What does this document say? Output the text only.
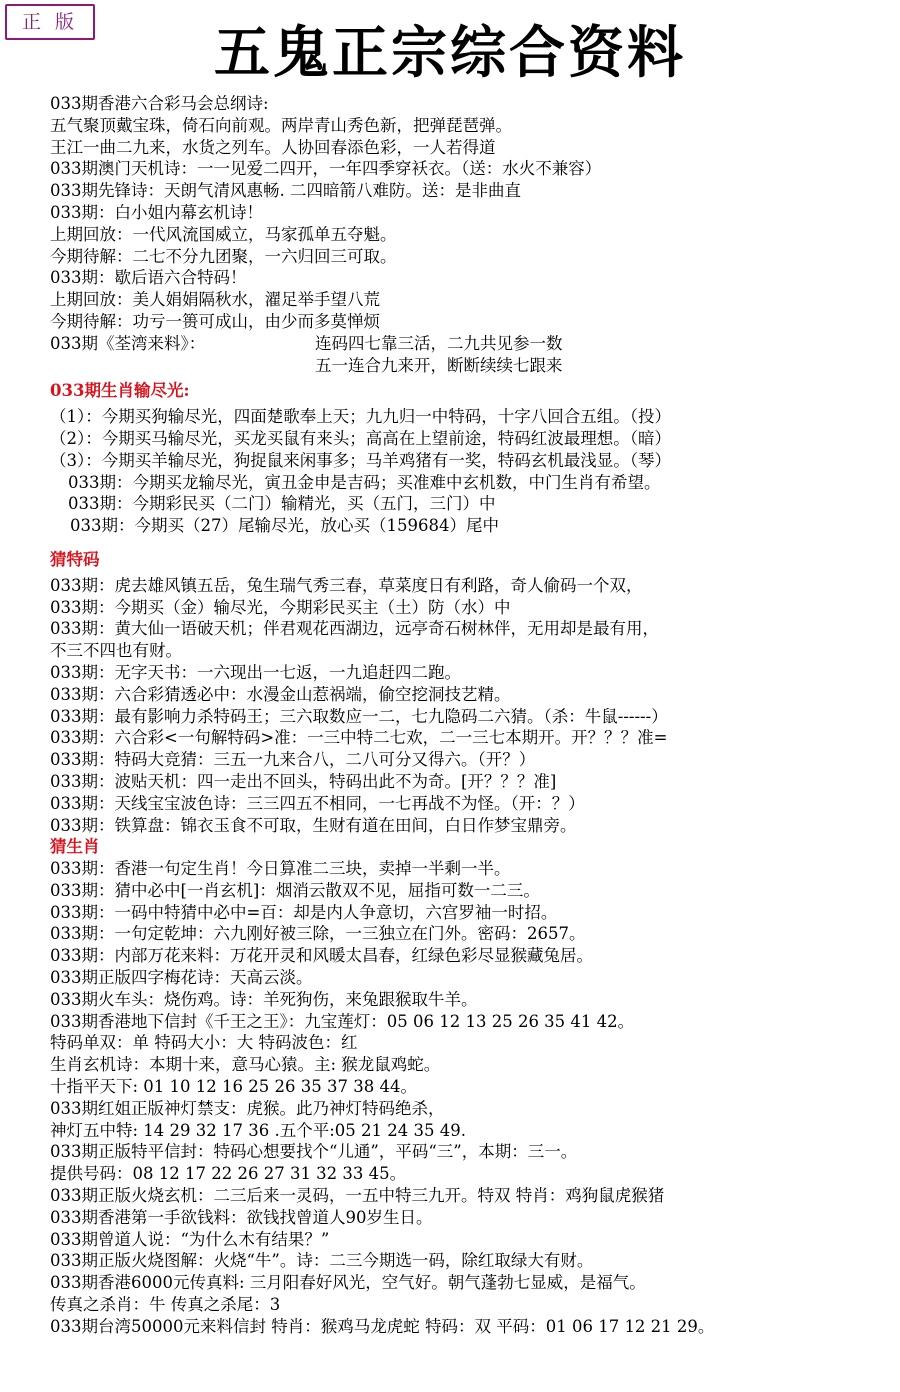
正 版	五鬼正宗综合资料
033期香港六合彩马会总纲诗:
五气聚顶戴宝珠，倚石向前观。两岸青山秀色新，把弹琵琶弹。
王江一曲二九来，水货之列车。人协回春添色彩，一人若得道
033期澳门天机诗：一一见爱二四开，一年四季穿袄衣。（送：水火不兼容）
033期先锋诗：天朗气清风惠畅. 二四暗箭八难防。送：是非曲直
033期：白小姐内幕玄机诗！
上期回放：一代风流国威立，马家孤单五夺魁。
今期待解：二七不分九团聚，一六归回三可取。
033期：歇后语六合特码！
上期回放：美人娟娟隔秋水，濯足举手望八荒
今期待解：功亏一篑可成山，由少而多莫惮烦
033期《荃湾来料》：	连码四七靠三活，二九共见参一数
五一连合九来开，断断续续七跟来
033期生肖输尽光:
（1）：今期买狗输尽光，四面楚歌奉上天；九九归一中特码，十字八回合五组。（投）
（2）：今期买马输尽光，买龙买鼠有来头；高高在上望前途，特码红波最理想。（暗）
（3）：今期买羊输尽光，狗捉鼠来闲事多；马羊鸡猪有一奖，特码玄机最浅显。（琴）
033期：今期买龙输尽光，寅丑金申是吉码；买准难中玄机数，中门生肖有希望。
033期：今期彩民买（二门）输精光，买（五门，三门）中
033期：今期买（27）尾输尽光，放心买（159684）尾中
猜特码
033期：虎去雄风镇五岳，兔生瑞气秀三春，草菜度日有利路，奇人偷码一个双，
033期：今期买（金）输尽光，今期彩民买主（土）防（水）中
033期：黄大仙一语破天机；伴君观花西湖边，远亭奇石树林伴，无用却是最有用，
不三不四也有财。
033期：无字天书：一六现出一七返，一九追赶四二跑。
033期：六合彩猜透必中：水漫金山惹祸端，偷空挖洞技艺精。
033期：最有影响力杀特码王；三六取数应一二，七九隐码二六猜。（杀：牛鼠------）
033期：六合彩<一句解特码>准：一三中特二七欢，二一三七本期开。开？？？准=
033期：特码大竞猜：三五一九来合八，二八可分又得六。（开？）
033期：波贴天机：四一走出不回头，特码出此不为奇。[开？？？准]
033期：天线宝宝波色诗：三三四五不相同，一七再战不为怪。（开：？）
033期：铁算盘：锦衣玉食不可取，生财有道在田间，白日作梦宝鼎旁。
猜生肖
033期：香港一句定生肖！今日算准二三块，卖掉一半剩一半。
033期：猜中必中[一肖玄机]：烟消云散双不见，屈指可数一二三。
033期：一码中特猜中必中=百：却是内人争意切，六宫罗袖一时招。
033期：一句定乾坤：六九刚好被三除，一三独立在门外。密码：2657。
033期：内部万花来料：万花开灵和风暖太昌春，红绿色彩尽显猴藏兔居。
033期正版四字梅花诗：天高云淡。
033期火车头：烧伤鸡。诗：羊死狗伤，来兔跟猴取牛羊。
033期香港地下信封《千王之王》：九宝莲灯：05 06 12 13 25 26 35 41 42。
特码单双：单 特码大小：大 特码波色：红
生肖玄机诗：本期十来，意马心猿。主: 猴龙鼠鸡蛇。
十指平天下: 01 10 12 16 25 26 35 37 38 44。
033期红姐正版神灯禁支：虎猴。此乃神灯特码绝杀，
神灯五中特: 14 29 32 17 36 .五个平:05 21 24 35 49.
033期正版特平信封：特码心想要找个“儿通”，平码“三”，本期：三一。
提供号码：08 12 17 22 26 27 31 32 33 45。
033期正版火烧玄机：二三后来一灵码，一五中特三九开。特双 特肖：鸡狗鼠虎猴猪
033期香港第一手欲钱料：欲钱找曾道人90岁生日。
033期曾道人说：“为什么木有结果？”
033期正版火烧图解：火烧“牛”。诗：二三今期选一码，除红取绿大有财。
033期香港6000元传真料: 三月阳春好风光，空气好。朝气蓬勃七显威，是福气。
传真之杀肖：牛 传真之杀尾：3
033期台湾50000元来料信封 特肖：猴鸡马龙虎蛇 特码：双 平码：01 06 17 12 21 29。
